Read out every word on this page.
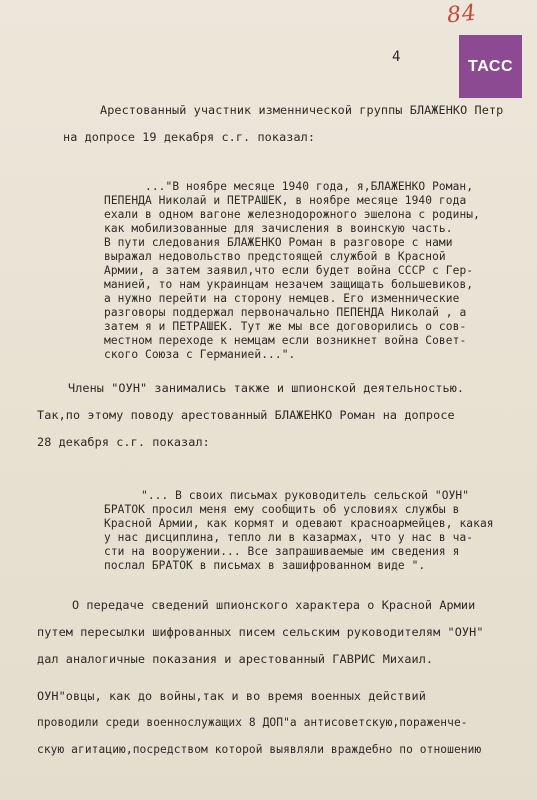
84
ТАСС
4
Арестованный участник изменнической группы БЛАЖЕНКО Петр
на допросе 19 декабря с.г. показал:
..."В ноябре месяце 1940 года, я,БЛАЖЕНКО Роман,
ПЕПЕНДА Николай и ПЕТРАШЕК, в ноябре месяце 1940 года
ехали в одном вагоне железнодорожного эшелона с родины,
как мобилизованные для зачисления в воинскую часть.
В пути следования БЛАЖЕНКО Роман в разговоре с нами
выражал недовольство предстоящей службой в Красной
Армии, а затем заявил,что если будет война СССР с Гер-
манией, то нам украинцам незачем защищать большевиков,
а нужно перейти на сторону немцев. Его изменнические
разговоры поддержал первоначально ПЕПЕНДА Николай , а
затем я и ПЕТРАШЕК. Тут же мы все договорились о сов-
местном переходе к немцам если возникнет война Совет-
ского Союза с Германией...".
Члены "ОУН" занимались также и шпионской деятельностью.
Так,по этому поводу арестованный БЛАЖЕНКО Роман на допросе
28 декабря с.г. показал:
"... В своих письмах руководитель сельской "ОУН"
БРАТОК просил меня ему сообщить об условиях службы в
Красной Армии, как кормят и одевают красноармейцев, какая
у нас дисциплина, тепло ли в казармах, что у нас в ча-
сти на вооружении... Все запрашиваемые им сведения я
послал БРАТОК в письмах в зашифрованном виде ".
О передаче сведений шпионского характера о Красной Армии
путем пересылки шифрованных писем сельским руководителям "ОУН"
дал аналогичные показания и арестованный ГАВРИС Михаил.
ОУН"овцы, как до войны,так и во время военных действий
проводили среди военнослужащих 8 ДОП"а антисоветскую,пораженче-
скую агитацию,посредством которой выявляли враждебно по отношению
